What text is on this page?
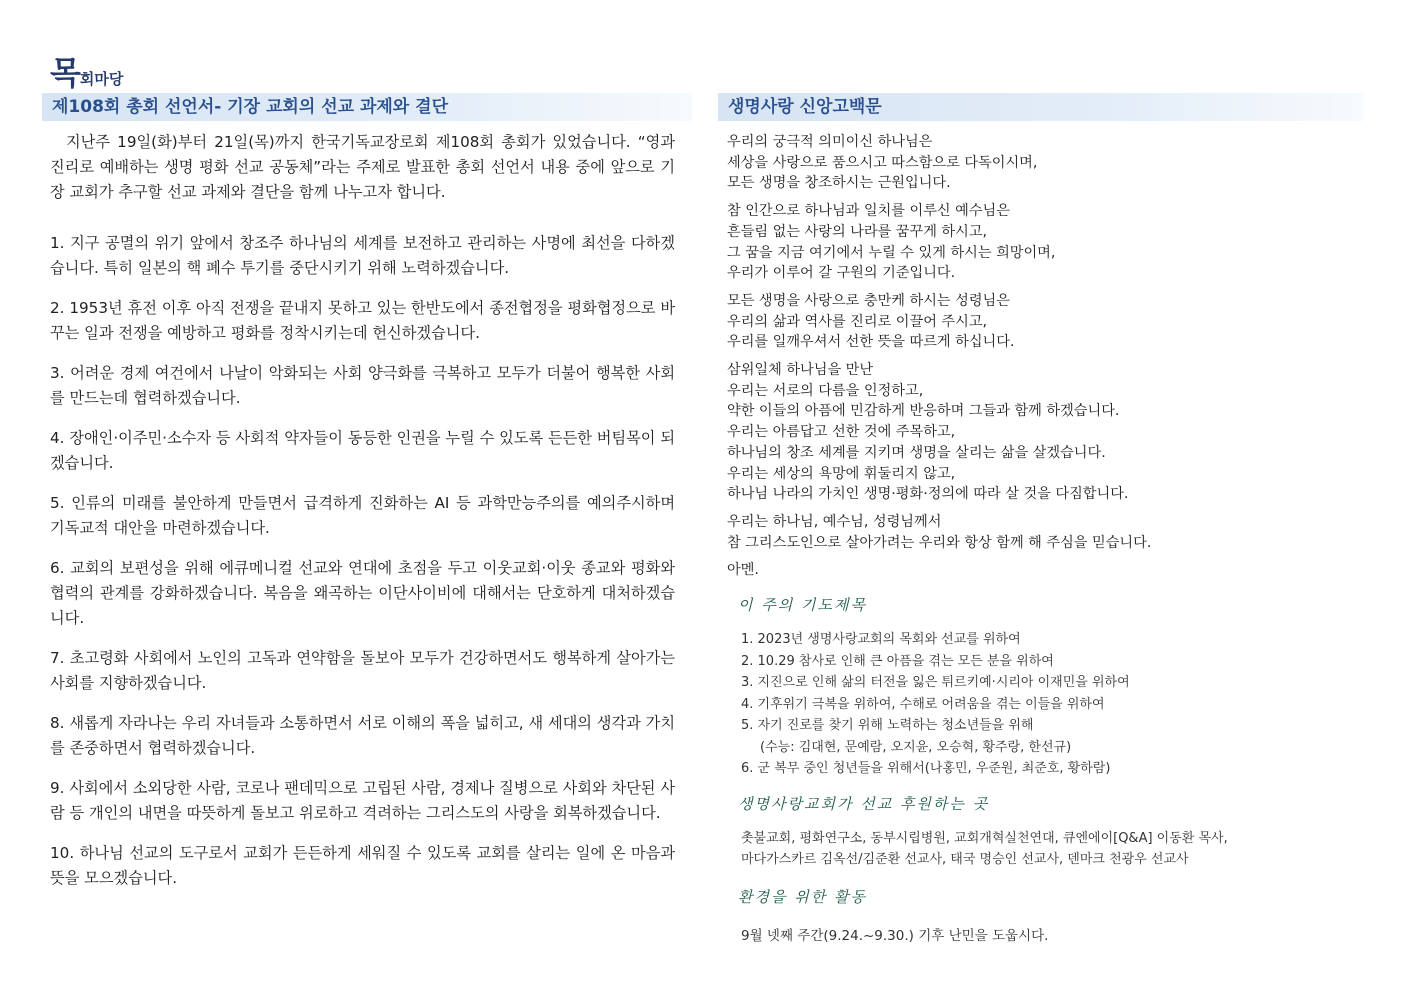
목회마당
제108회 총회 선언서- 기장 교회의 선교 과제와 결단	생명사랑 신앙고백문

지난주 19일(화)부터 21일(목)까지 한국기독교장로회 제108회 총회가 있었습니다. “영과 진리로 예배하는 생명 평화 선교 공동체”라는 주제로 발표한 총회 선언서 내용 중에 앞으로 기장 교회가 추구할 선교 과제와 결단을 함께 나누고자 합니다.

1. 지구 공멸의 위기 앞에서 창조주 하나님의 세계를 보전하고 관리하는 사명에 최선을 다하겠습니다. 특히 일본의 핵 폐수 투기를 중단시키기 위해 노력하겠습니다.

2. 1953년 휴전 이후 아직 전쟁을 끝내지 못하고 있는 한반도에서 종전협정을 평화협정으로 바꾸는 일과 전쟁을 예방하고 평화를 정착시키는데 헌신하겠습니다.

3. 어려운 경제 여건에서 나날이 악화되는 사회 양극화를 극복하고 모두가 더불어 행복한 사회를 만드는데 협력하겠습니다.

4. 장애인·이주민·소수자 등 사회적 약자들이 동등한 인권을 누릴 수 있도록 든든한 버팀목이 되겠습니다.

5. 인류의 미래를 불안하게 만들면서 급격하게 진화하는 AI 등 과학만능주의를 예의주시하며 기독교적 대안을 마련하겠습니다.

6. 교회의 보편성을 위해 에큐메니컬 선교와 연대에 초점을 두고 이웃교회·이웃 종교와 평화와 협력의 관계를 강화하겠습니다. 복음을 왜곡하는 이단사이비에 대해서는 단호하게 대처하겠습니다.

7. 초고령화 사회에서 노인의 고독과 연약함을 돌보아 모두가 건강하면서도 행복하게 살아가는 사회를 지향하겠습니다.

8. 새롭게 자라나는 우리 자녀들과 소통하면서 서로 이해의 폭을 넓히고, 새 세대의 생각과 가치를 존중하면서 협력하겠습니다.

9. 사회에서 소외당한 사람, 코로나 팬데믹으로 고립된 사람, 경제나 질병으로 사회와 차단된 사람 등 개인의 내면을 따뜻하게 돌보고 위로하고 격려하는 그리스도의 사랑을 회복하겠습니다.

10. 하나님 선교의 도구로서 교회가 든든하게 세워질 수 있도록 교회를 살리는 일에 온 마음과 뜻을 모으겠습니다.

우리의 궁극적 의미이신 하나님은
세상을 사랑으로 품으시고 따스함으로 다독이시며,
모든 생명을 창조하시는 근원입니다.
참 인간으로 하나님과 일치를 이루신 예수님은
흔들림 없는 사랑의 나라를 꿈꾸게 하시고,
그 꿈을 지금 여기에서 누릴 수 있게 하시는 희망이며,
우리가 이루어 갈 구원의 기준입니다.
모든 생명을 사랑으로 충만케 하시는 성령님은
우리의 삶과 역사를 진리로 이끌어 주시고,
우리를 일깨우셔서 선한 뜻을 따르게 하십니다.
삼위일체 하나님을 만난
우리는 서로의 다름을 인정하고,
약한 이들의 아픔에 민감하게 반응하며 그들과 함께 하겠습니다.
우리는 아름답고 선한 것에 주목하고,
하나님의 창조 세계를 지키며 생명을 살리는 삶을 살겠습니다.
우리는 세상의 욕망에 휘둘리지 않고,
하나님 나라의 가치인 생명·평화·정의에 따라 살 것을 다짐합니다.
우리는 하나님, 예수님, 성령님께서
참 그리스도인으로 살아가려는 우리와 항상 함께 해 주심을 믿습니다.
아멘.
이 주의 기도제목
1. 2023년 생명사랑교회의 목회와 선교를 위하여
2. 10.29 참사로 인해 큰 아픔을 겪는 모든 분을 위하여
3. 지진으로 인해 삶의 터전을 잃은 튀르키예·시리아 이재민을 위하여
4. 기후위기 극복을 위하여, 수해로 어려움을 겪는 이들을 위하여
5. 자기 진로를 찾기 위해 노력하는 청소년들을 위해
(수능: 김대현, 문예람, 오지윤, 오승혁, 황주랑, 한선규)
6. 군 복무 중인 청년들을 위해서(나홍민, 우준원, 최준호, 황하람)
생명사랑교회가 선교 후원하는 곳
촛불교회, 평화연구소, 동부시립병원, 교회개혁실천연대, 큐엔에이[Q&A] 이동환 목사,
마다가스카르 김옥선/김준환 선교사, 태국 명승인 선교사, 덴마크 천광우 선교사
환경을 위한 활동
9월 넷째 주간(9.24.~9.30.) 기후 난민을 도웁시다.
